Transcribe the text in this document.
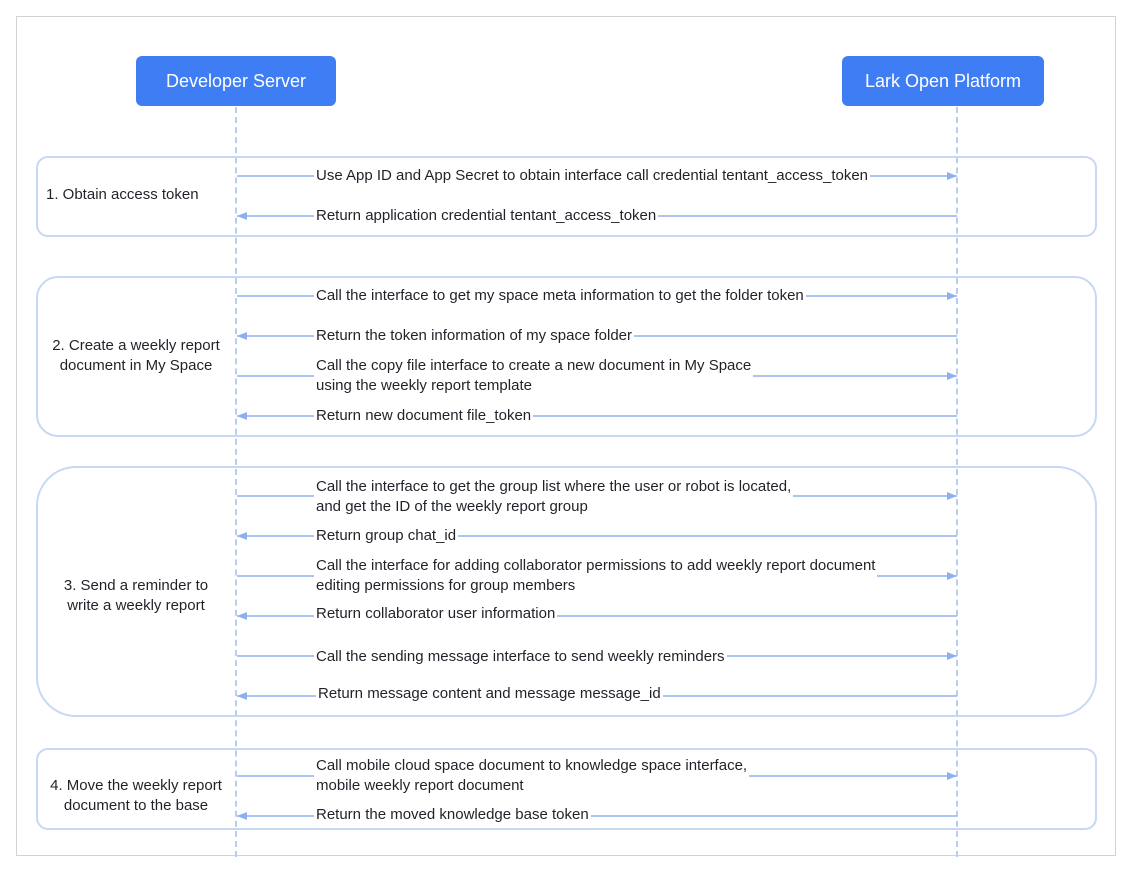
Developer Server	Lark Open Platform
1. Obtain access token
2. Create a weekly report
document in My Space
3. Send a reminder to
write a weekly report
4. Move the weekly report
document to the base
Use App ID and App Secret to obtain interface call credential tentant_access_token
Return application credential tentant_access_token
Call the interface to get my space meta information to get the folder token
Return the token information of my space folder
Call the copy file interface to create a new document in My Space
using the weekly report template
Return new document file_token
Call the interface to get the group list where the user or robot is located,
and get the ID of the weekly report group
Return group chat_id
Call the interface for adding collaborator permissions to add weekly report document
editing permissions for group members
Return collaborator user information
Call the sending message interface to send weekly reminders
Return message content and message message_id
Call mobile cloud space document to knowledge space interface,
mobile weekly report document
Return the moved knowledge base token
